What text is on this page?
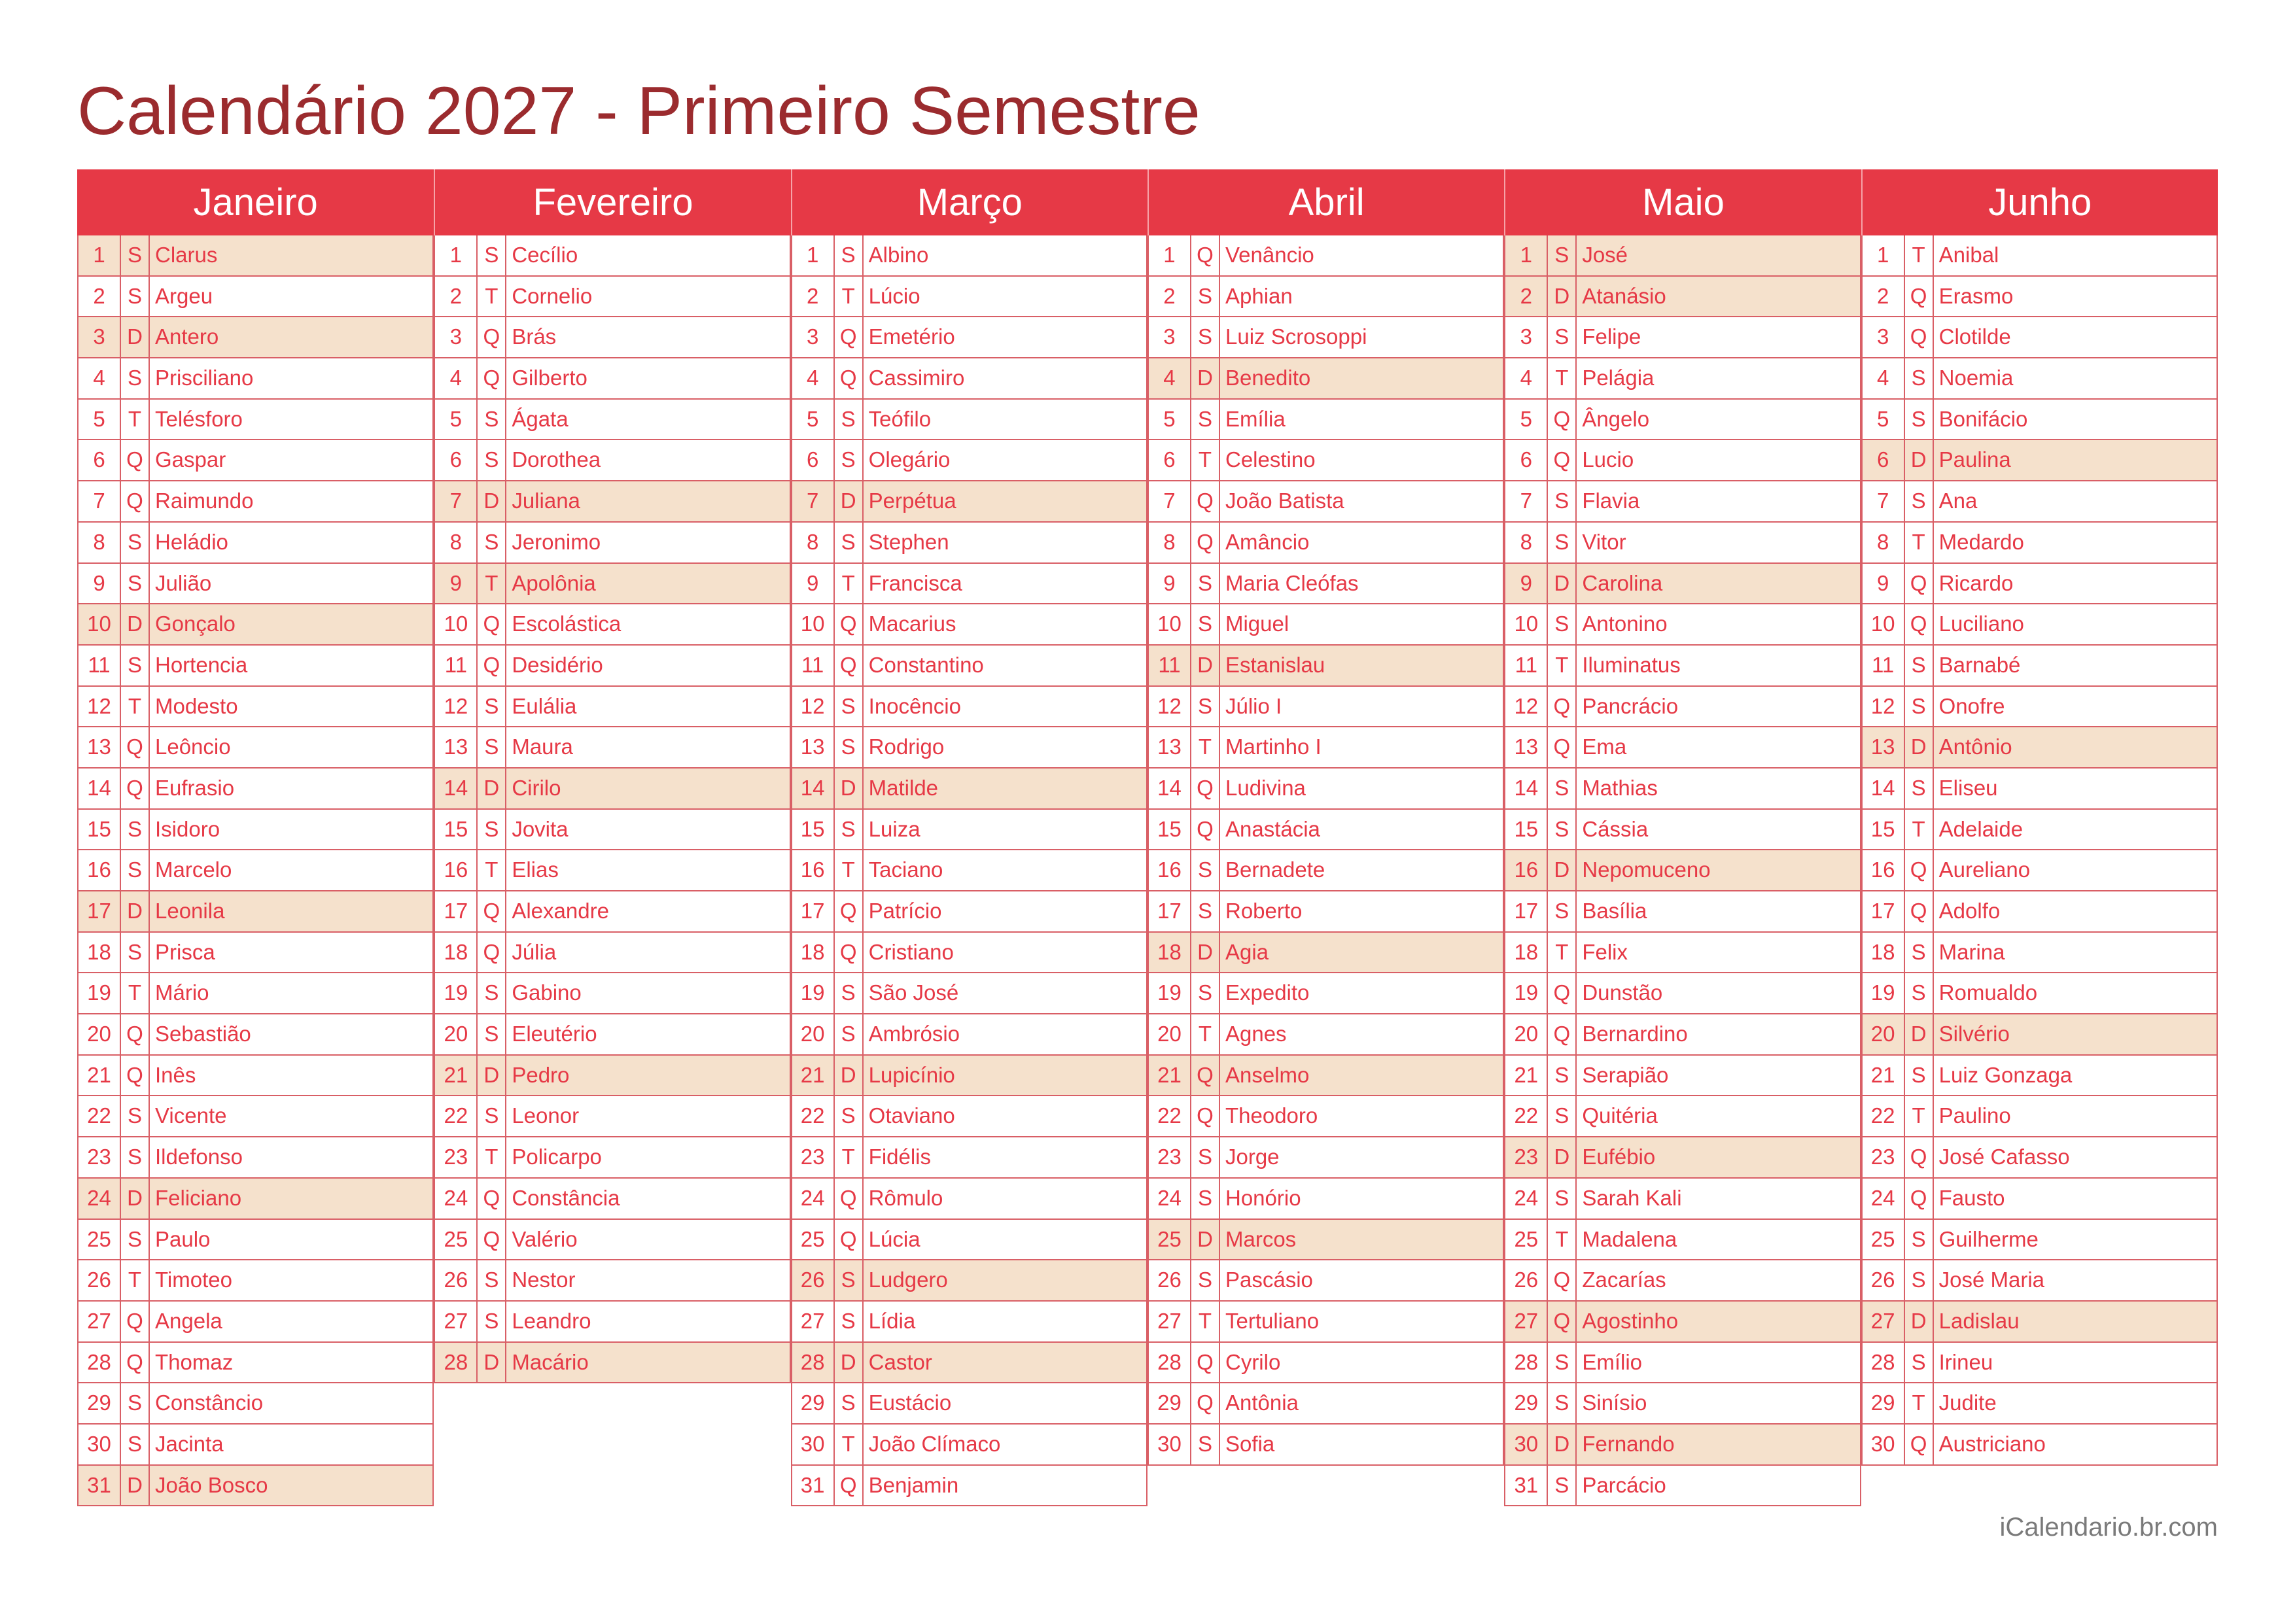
Calendário 2027 - Primeiro Semestre
Janeiro
1	S Clarus
2	S Argeu
3	D Antero
4	S Prisciliano
5	T Telésforo
6 Q Gaspar
7 Q Raimundo
8	S Heládio
9	S Julião
10 D Gonçalo
11 S Hortencia
12 T Modesto
13 Q Leôncio
14 Q Eufrasio
15 S Isidoro
16 S Marcelo
17 D Leonila
18 S Prisca
19 T Mário
20 Q Sebastião
21 Q Inês
22 S Vicente
23 S Ildefonso
24 D Feliciano
25 S Paulo
26 T Timoteo
27 Q Angela
28 Q Thomaz
29 S Constâncio
30 S Jacinta
31 D João Bosco
Fevereiro
1	S Cecílio
2	T Cornelio
3 Q Brás
4 Q Gilberto
5	S Ágata
6	S Dorothea
7	D Juliana
8	S Jeronimo
9	T Apolônia
10 Q Escolástica
11 Q Desidério
12 S Eulália
13 S Maura
14 D Cirilo
15 S Jovita
16 T Elias
17 Q Alexandre
18 Q Júlia
19 S Gabino
20 S Eleutério
21 D Pedro
22 S Leonor
23 T Policarpo
24 Q Constância
25 Q Valério
26 S Nestor
27 S Leandro
28 D Macário
Março
1	S Albino
2	T Lúcio
3 Q Emetério
4 Q Cassimiro
5	S Teófilo
6	S Olegário
7	D Perpétua
8	S Stephen
9	T Francisca
10 Q Macarius
11 Q Constantino
12 S Inocêncio
13 S Rodrigo
14 D Matilde
15 S Luiza
16 T Taciano
17 Q Patrício
18 Q Cristiano
19 S São José
20 S Ambrósio
21 D Lupicínio
22 S Otaviano
23 T Fidélis
24 Q Rômulo
25 Q Lúcia
26 S Ludgero
27 S Lídia
28 D Castor
29 S Eustácio
30 T João Clímaco
31 Q Benjamin
Abril
1 Q Venâncio
2	S Aphian
3	S Luiz Scrosoppi
4	D Benedito
5	S Emília
6	T Celestino
7 Q João Batista
8 Q Amâncio
9	S Maria Cleófas
10 S Miguel
11 D Estanislau
12 S Júlio I
13 T Martinho I
14 Q Ludivina
15 Q Anastácia
16 S Bernadete
17 S Roberto
18 D Agia
19 S Expedito
20 T Agnes
21 Q Anselmo
22 Q Theodoro
23 S Jorge
24 S Honório
25 D Marcos
26 S Pascásio
27 T Tertuliano
28 Q Cyrilo
29 Q Antônia
30 S Sofia
Maio
1	S José
2	D Atanásio
3	S Felipe
4	T Pelágia
5 Q Ângelo
6 Q Lucio
7	S Flavia
8	S Vitor
9	D Carolina
10 S Antonino
11 T Iluminatus
12 Q Pancrácio
13 Q Ema
14 S Mathias
15 S Cássia
16 D Nepomuceno
17 S Basília
18 T Felix
19 Q Dunstão
20 Q Bernardino
21 S Serapião
22 S Quitéria
23 D Eufébio
24 S Sarah Kali
25 T Madalena
26 Q Zacarías
27 Q Agostinho
28 S Emílio
29 S Sinísio
30 D Fernando
31 S Parcácio
Junho
1	T Anibal
2 Q Erasmo
3 Q Clotilde
4	S Noemia
5	S Bonifácio
6	D Paulina
7	S Ana
8	T Medardo
9 Q Ricardo
10 Q Luciliano
11 S Barnabé
12 S Onofre
13 D Antônio
14 S Eliseu
15 T Adelaide
16 Q Aureliano
17 Q Adolfo
18 S Marina
19 S Romualdo
20 D Silvério
21 S Luiz Gonzaga
22 T Paulino
23 Q José Cafasso
24 Q Fausto
25 S Guilherme
26 S José Maria
27 D Ladislau
28 S Irineu
29 T Judite
30 Q Austriciano
iCalendario.br.com
